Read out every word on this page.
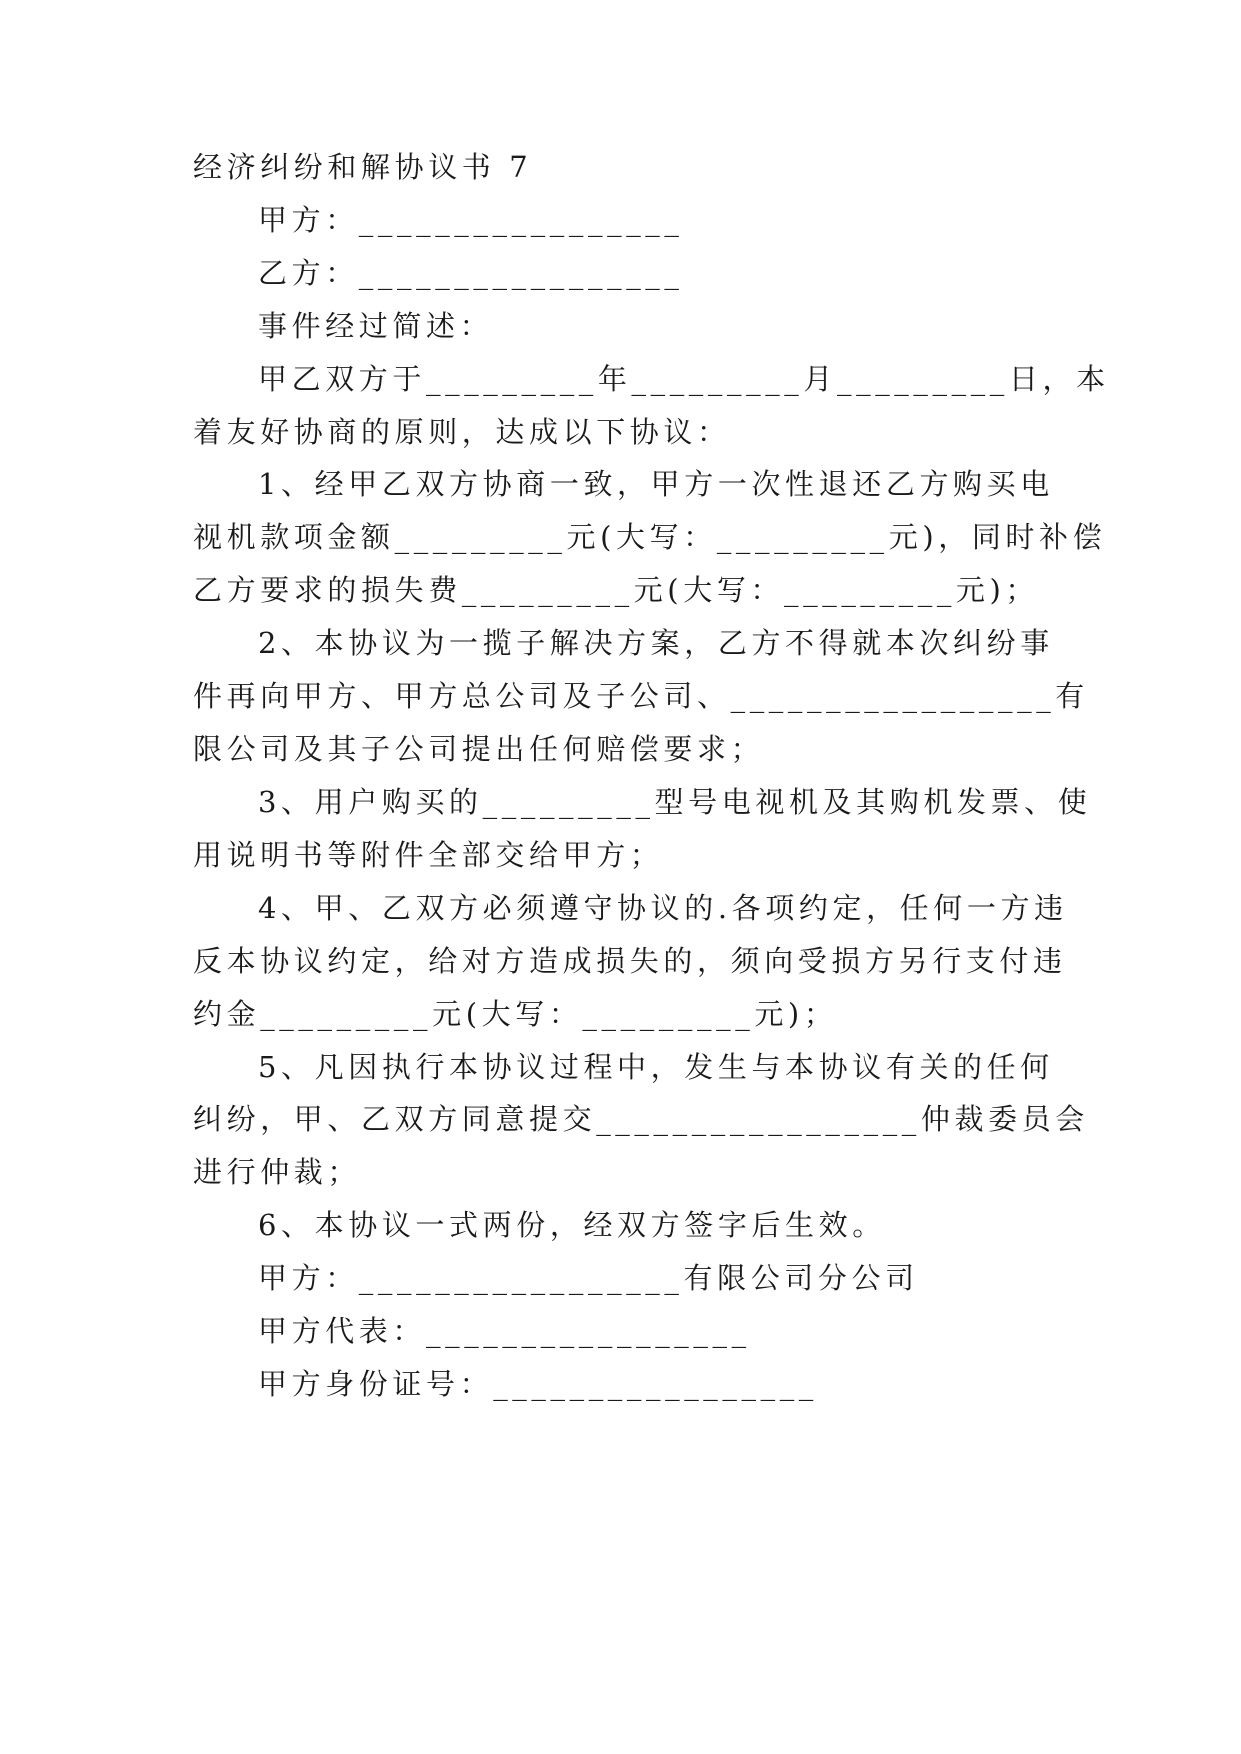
经济纠纷和解协议书 7
甲方：_________________
乙方：_________________
事件经过简述：
甲乙双方于_________年_________月_________日，本
着友好协商的原则，达成以下协议：
1、经甲乙双方协商一致，甲方一次性退还乙方购买电
视机款项金额_________元(大写：_________元)，同时补偿
乙方要求的损失费_________元(大写：_________元)；
2、本协议为一揽子解决方案，乙方不得就本次纠纷事
件再向甲方、甲方总公司及子公司、_________________有
限公司及其子公司提出任何赔偿要求；
3、用户购买的_________型号电视机及其购机发票、使
用说明书等附件全部交给甲方；
4、甲、乙双方必须遵守协议的.各项约定，任何一方违
反本协议约定，给对方造成损失的，须向受损方另行支付违
约金_________元(大写：_________元)；
5、凡因执行本协议过程中，发生与本协议有关的任何
纠纷，甲、乙双方同意提交_________________仲裁委员会
进行仲裁；
6、本协议一式两份，经双方签字后生效。
甲方：_________________有限公司分公司
甲方代表：_________________
甲方身份证号：_________________
